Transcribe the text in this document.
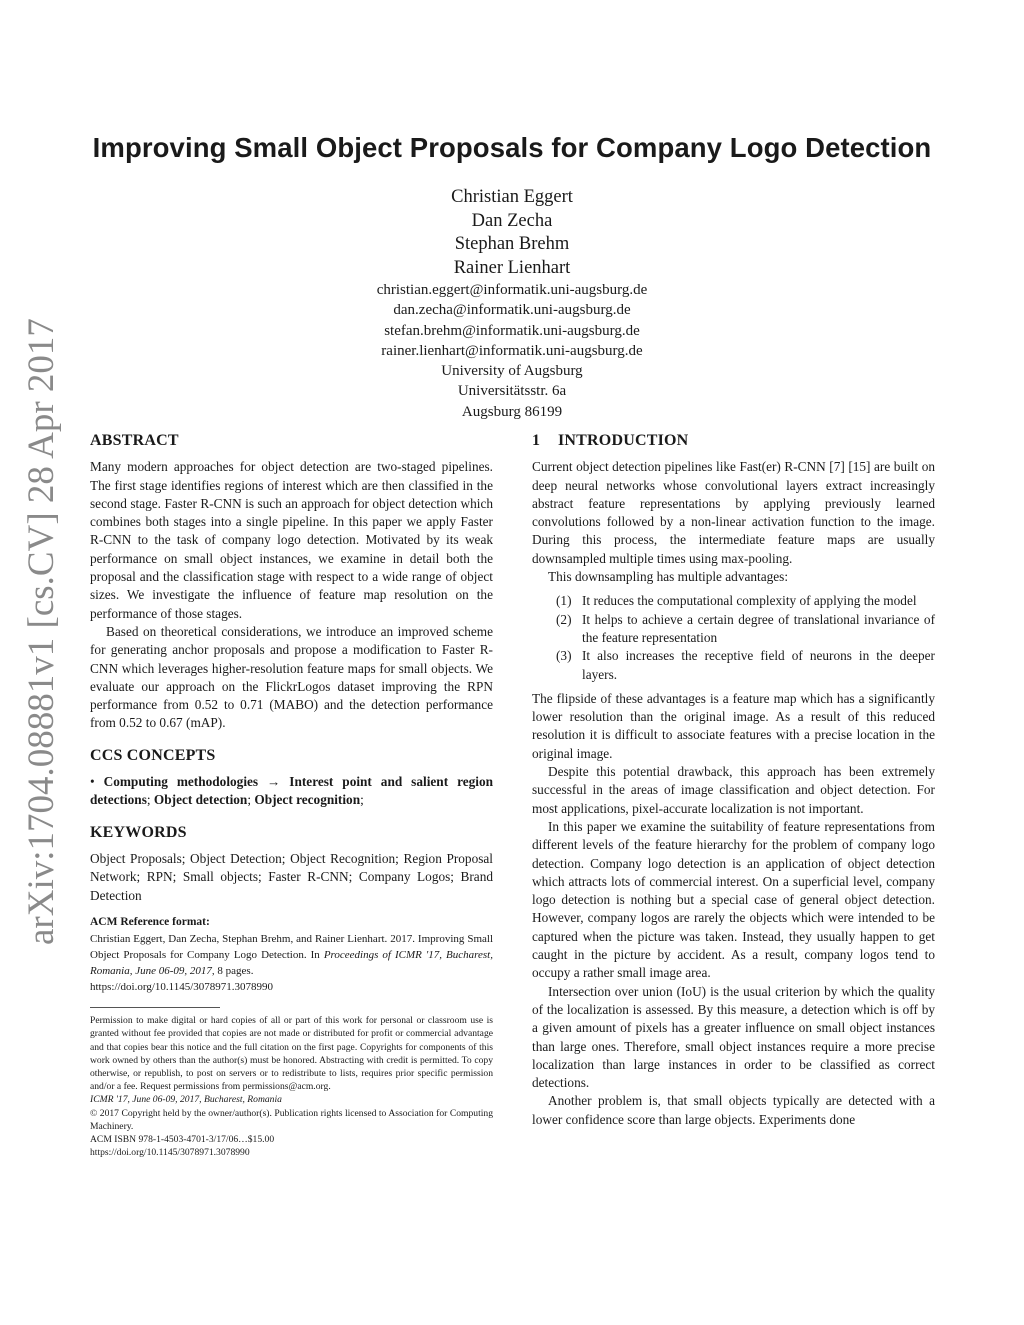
arXiv:1704.08881v1 [cs.CV] 28 Apr 2017
Improving Small Object Proposals for Company Logo Detection
Christian Eggert
Dan Zecha
Stephan Brehm
Rainer Lienhart
christian.eggert@informatik.uni-augsburg.de
dan.zecha@informatik.uni-augsburg.de
stefan.brehm@informatik.uni-augsburg.de
rainer.lienhart@informatik.uni-augsburg.de
University of Augsburg
Universitätsstr. 6a
Augsburg 86199
ABSTRACT

Many modern approaches for object detection are two-staged pipelines. The first stage identifies regions of interest which are then classified in the second stage. Faster R-CNN is such an approach for object detection which combines both stages into a single pipeline. In this paper we apply Faster R-CNN to the task of company logo detection. Motivated by its weak performance on small object instances, we examine in detail both the proposal and the classification stage with respect to a wide range of object sizes. We investigate the influence of feature map resolution on the performance of those stages.

Based on theoretical considerations, we introduce an improved scheme for generating anchor proposals and propose a modification to Faster R-CNN which leverages higher-resolution feature maps for small objects. We evaluate our approach on the FlickrLogos dataset improving the RPN performance from 0.52 to 0.71 (MABO) and the detection performance from 0.52 to 0.67 (mAP).

CCS CONCEPTS

• Computing methodologies → Interest point and salient region detections; Object detection; Object recognition;

KEYWORDS

Object Proposals; Object Detection; Object Recognition; Region Proposal Network; RPN; Small objects; Faster R-CNN; Company Logos; Brand Detection

ACM Reference format:

Christian Eggert, Dan Zecha, Stephan Brehm, and Rainer Lienhart. 2017. Improving Small Object Proposals for Company Logo Detection. In Proceedings of ICMR '17, Bucharest, Romania, June 06-09, 2017, 8 pages.

https://doi.org/10.1145/3078971.3078990

Permission to make digital or hard copies of all or part of this work for personal or classroom use is granted without fee provided that copies are not made or distributed for profit or commercial advantage and that copies bear this notice and the full citation on the first page. Copyrights for components of this work owned by others than the author(s) must be honored. Abstracting with credit is permitted. To copy otherwise, or republish, to post on servers or to redistribute to lists, requires prior specific permission and/or a fee. Request permissions from permissions@acm.org.

ICMR '17, June 06-09, 2017, Bucharest, Romania

© 2017 Copyright held by the owner/author(s). Publication rights licensed to Association for Computing Machinery.

ACM ISBN 978-1-4503-4701-3/17/06…$15.00
https://doi.org/10.1145/3078971.3078990
1 INTRODUCTION

Current object detection pipelines like Fast(er) R-CNN [7] [15] are built on deep neural networks whose convolutional layers extract increasingly abstract feature representations by applying previously learned convolutions followed by a non-linear activation function to the image. During this process, the intermediate feature maps are usually downsampled multiple times using max-pooling.

This downsampling has multiple advantages:

(1) It reduces the computational complexity of applying the model
(2) It helps to achieve a certain degree of translational invariance of the feature representation
(3) It also increases the receptive field of neurons in the deeper layers.

The flipside of these advantages is a feature map which has a significantly lower resolution than the original image. As a result of this reduced resolution it is difficult to associate features with a precise location in the original image.

Despite this potential drawback, this approach has been extremely successful in the areas of image classification and object detection. For most applications, pixel-accurate localization is not important.

In this paper we examine the suitability of feature representations from different levels of the feature hierarchy for the problem of company logo detection. Company logo detection is an application of object detection which attracts lots of commercial interest. On a superficial level, company logo detection is nothing but a special case of general object detection. However, company logos are rarely the objects which were intended to be captured when the picture was taken. Instead, they usually happen to get caught in the picture by accident. As a result, company logos tend to occupy a rather small image area.

Intersection over union (IoU) is the usual criterion by which the quality of the localization is assessed. By this measure, a detection which is off by a given amount of pixels has a greater influence on small object instances than large ones. Therefore, small object instances require a more precise localization than large instances in order to be classified as correct detections.

Another problem is, that small objects typically are detected with a lower confidence score than large objects. Experiments done
